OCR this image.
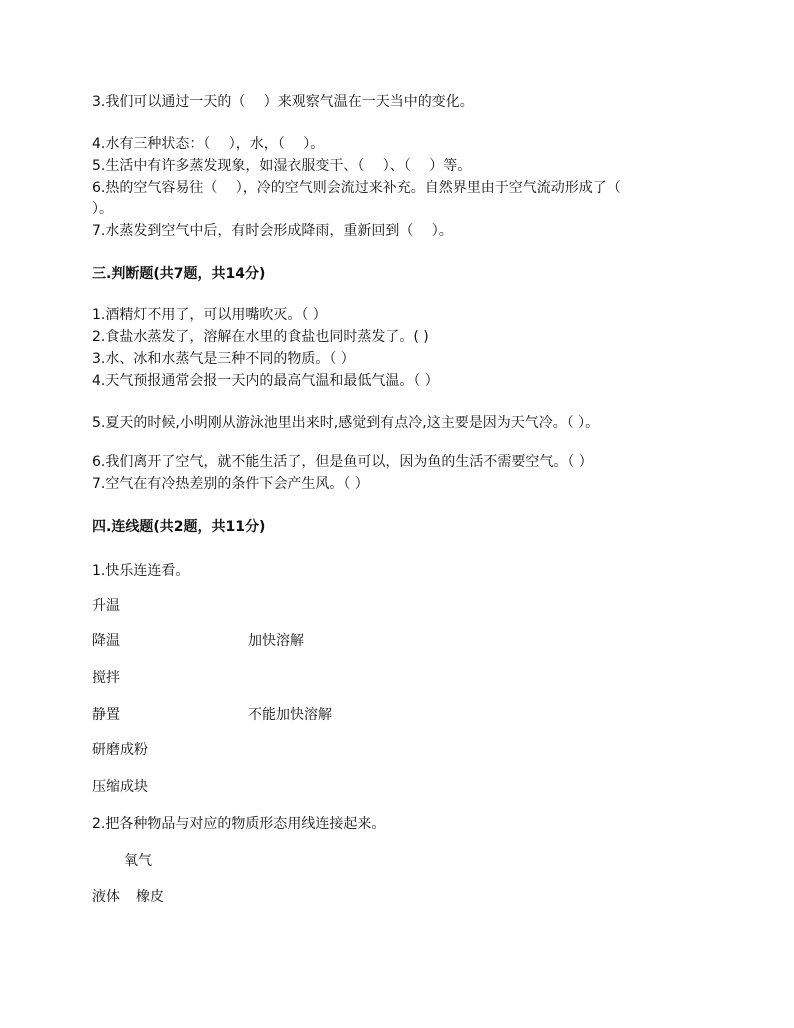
3.我们可以通过一天的（　 ）来观察气温在一天当中的变化。
4.水有三种状态：（　 ），水，（　 ）。
5.生活中有许多蒸发现象，如湿衣服变干、（　 ）、（　 ）等。
6.热的空气容易往（　 ），冷的空气则会流过来补充。自然界里由于空气流动形成了（
）。
7.水蒸发到空气中后，有时会形成降雨，重新回到（　 ）。
三.判断题(共7题，共14分)
1.酒精灯不用了，可以用嘴吹灭。（ ）
2.食盐水蒸发了，溶解在水里的食盐也同时蒸发了。( )
3.水、冰和水蒸气是三种不同的物质。（ ）
4.天气预报通常会报一天内的最高气温和最低气温。（ ）
5.夏天的时候,小明刚从游泳池里出来时,感觉到有点冷,这主要是因为天气冷。（ ）。
6.我们离开了空气，就不能生活了，但是鱼可以，因为鱼的生活不需要空气。（ ）
7.空气在有冷热差别的条件下会产生风。（ ）
四.连线题(共2题，共11分)
1.快乐连连看。
升温
降温	加快溶解
搅拌
静置	不能加快溶解
研磨成粉
压缩成块
2.把各种物品与对应的物质形态用线连接起来。
氧气
液体 橡皮
